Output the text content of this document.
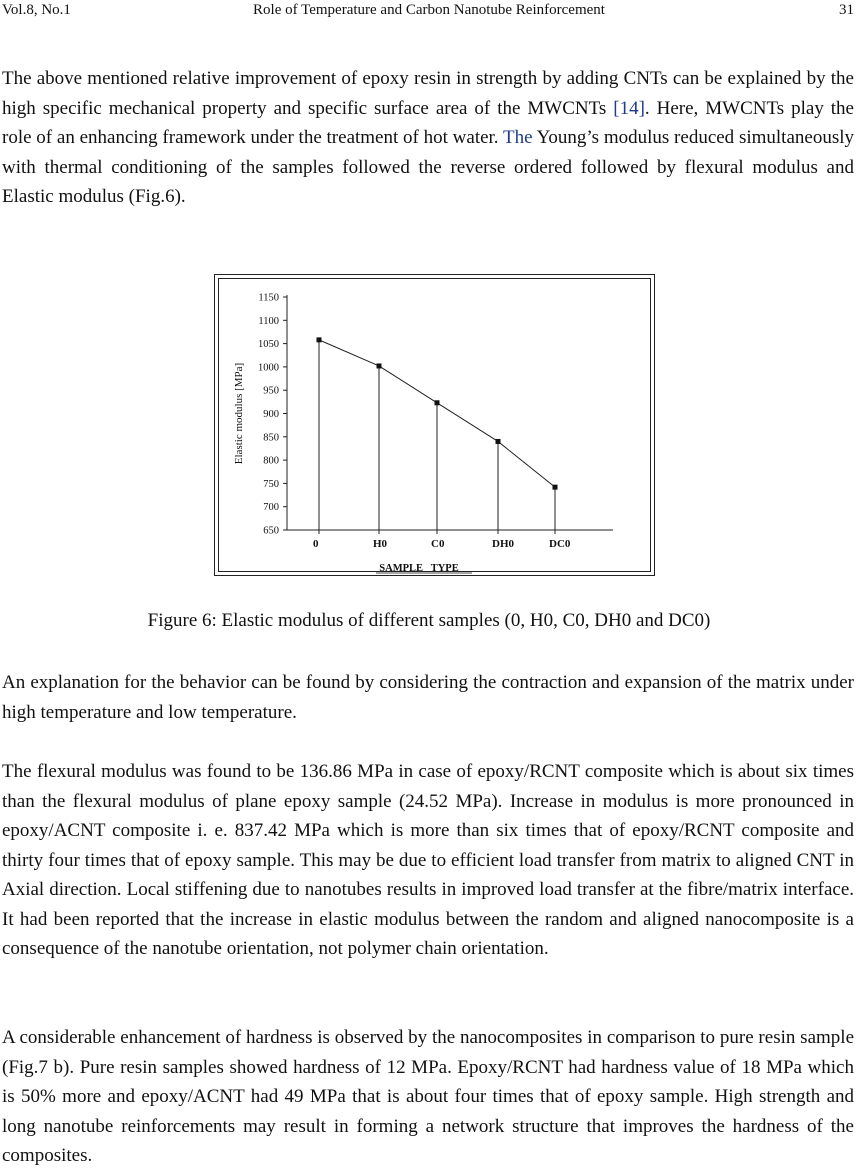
Vol.8, No.1	Role of Temperature and Carbon Nanotube Reinforcement	31

The above mentioned relative improvement of epoxy resin in strength by adding CNTs can be explained by the high specific mechanical property and specific surface area of the MWCNTs [14]. Here, MWCNTs play the role of an enhancing framework under the treatment of hot water. The Young’s modulus reduced simultaneously with thermal conditioning of the samples followed the reverse ordered followed by flexural modulus and Elastic modulus (Fig.6).

650
700
750
800
850
900
950
1000
1050
1100
1150
0	H0	C0	DH0	DC0
Elastic modulus [MPa]
SAMPLE   TYPE
Figure 6: Elastic modulus of different samples (0, H0, C0, DH0 and DC0)

An explanation for the behavior can be found by considering the contraction and expansion of the matrix under high temperature and low temperature.

The flexural modulus was found to be 136.86 MPa in case of epoxy/RCNT composite which is about six times than the flexural modulus of plane epoxy sample (24.52 MPa). Increase in modulus is more pronounced in epoxy/ACNT composite i. e. 837.42 MPa which is more than six times that of epoxy/RCNT composite and thirty four times that of epoxy sample. This may be due to efficient load transfer from matrix to aligned CNT in Axial direction. Local stiffening due to nanotubes results in improved load transfer at the fibre/matrix interface. It had been reported that the increase in elastic modulus between the random and aligned nanocomposite is a consequence of the nanotube orientation, not polymer chain orientation.

A considerable enhancement of hardness is observed by the nanocomposites in comparison to pure resin sample (Fig.7 b). Pure resin samples showed hardness of 12 MPa. Epoxy/RCNT had hardness value of 18 MPa which is 50% more and epoxy/ACNT had 49 MPa that is about four times that of epoxy sample. High strength and long nanotube reinforcements may result in forming a network structure that improves the hardness of the composites.
